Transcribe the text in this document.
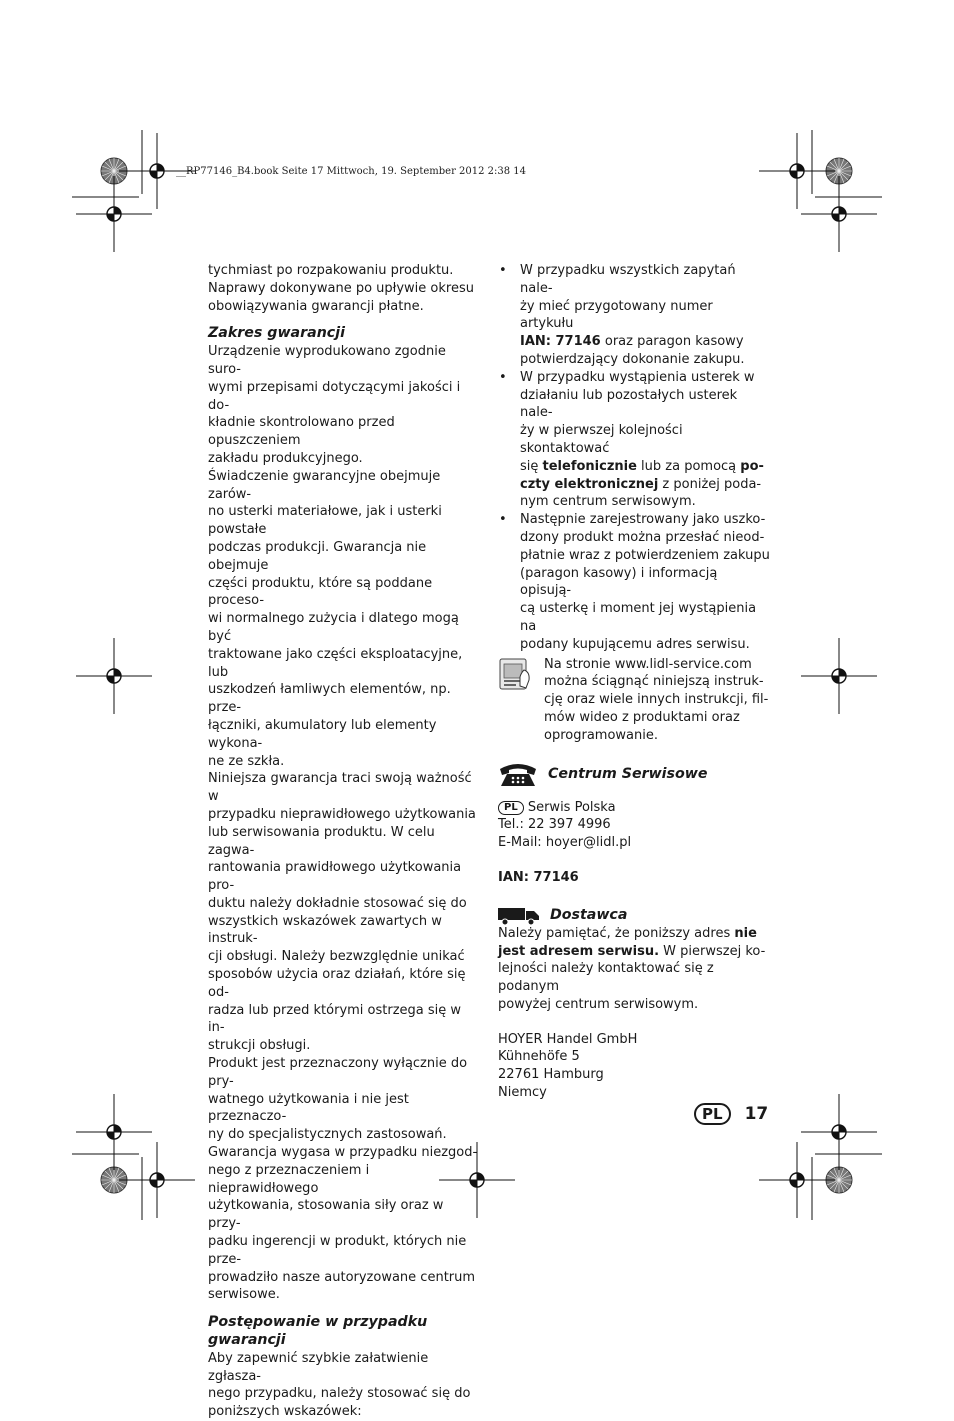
__RP77146_B4.book Seite 17 Mittwoch, 19. September 2012 2:38 14

tychmiast po rozpakowaniu produktu.

Naprawy dokonywane po upływie okresu

obowiązywania gwarancji płatne.

Zakres gwarancji

Urządzenie wyprodukowano zgodnie suro-

wymi przepisami dotyczącymi jakości i do-

kładnie skontrolowano przed opuszczeniem

zakładu produkcyjnego.

Świadczenie gwarancyjne obejmuje zarów-

no usterki materiałowe, jak i usterki powstałe

podczas produkcji. Gwarancja nie obejmuje

części produktu, które są poddane proceso-

wi normalnego zużycia i dlatego mogą być

traktowane jako części eksploatacyjne, lub

uszkodzeń łamliwych elementów, np. prze-

łączniki, akumulatory lub elementy wykona-

ne ze szkła.

Niniejsza gwarancja traci swoją ważność w

przypadku nieprawidłowego użytkowania

lub serwisowania produktu. W celu zagwa-

rantowania prawidłowego użytkowania pro-

duktu należy dokładnie stosować się do

wszystkich wskazówek zawartych w instruk-

cji obsługi. Należy bezwzględnie unikać

sposobów użycia oraz działań, które się od-

radza lub przed którymi ostrzega się w in-

strukcji obsługi.

Produkt jest przeznaczony wyłącznie do pry-

watnego użytkowania i nie jest przeznaczo-

ny do specjalistycznych zastosowań.

Gwarancja wygasa w przypadku niezgod-

nego z przeznaczeniem i nieprawidłowego

użytkowania, stosowania siły oraz w przy-

padku ingerencji w produkt, których nie prze-

prowadziło nasze autoryzowane centrum

serwisowe.

Postępowanie w przypadku

gwarancji

Aby zapewnić szybkie załatwienie zgłasza-

nego przypadku, należy stosować się do

poniższych wskazówek:

• W przypadku wszystkich zapytań nale-
ży mieć przygotowany numer artykułu
IAN: 77146 oraz paragon kasowy
potwierdzający dokonanie zakupu.
• W przypadku wystąpienia usterek w
działaniu lub pozostałych usterek nale-
ży w pierwszej kolejności skontaktować
się telefonicznie lub za pomocą po-
czty elektronicznej z poniżej poda-
nym centrum serwisowym.
• Następnie zarejestrowany jako uszko-
dzony produkt można przesłać nieod-
płatnie wraz z potwierdzeniem zakupu
(paragon kasowy) i informacją opisują-
cą usterkę i moment jej wystąpienia na
podany kupującemu adres serwisu.
Na stronie www.lidl-service.com
można ściągnąć niniejszą instruk-
cję oraz wiele innych instrukcji, fil-
mów wideo z produktami oraz
oprogramowanie.

Centrum Serwisowe

PL Serwis Polska
Tel.: 22 397 4996
E-Mail: hoyer@lidl.pl
IAN: 77146

Dostawca

Należy pamiętać, że poniższy adres nie
jest adresem serwisu. W pierwszej ko-
lejności należy kontaktować się z podanym
powyżej centrum serwisowym.
HOYER Handel GmbH
Kühnehöfe 5
22761 Hamburg
Niemcy
PL	17
